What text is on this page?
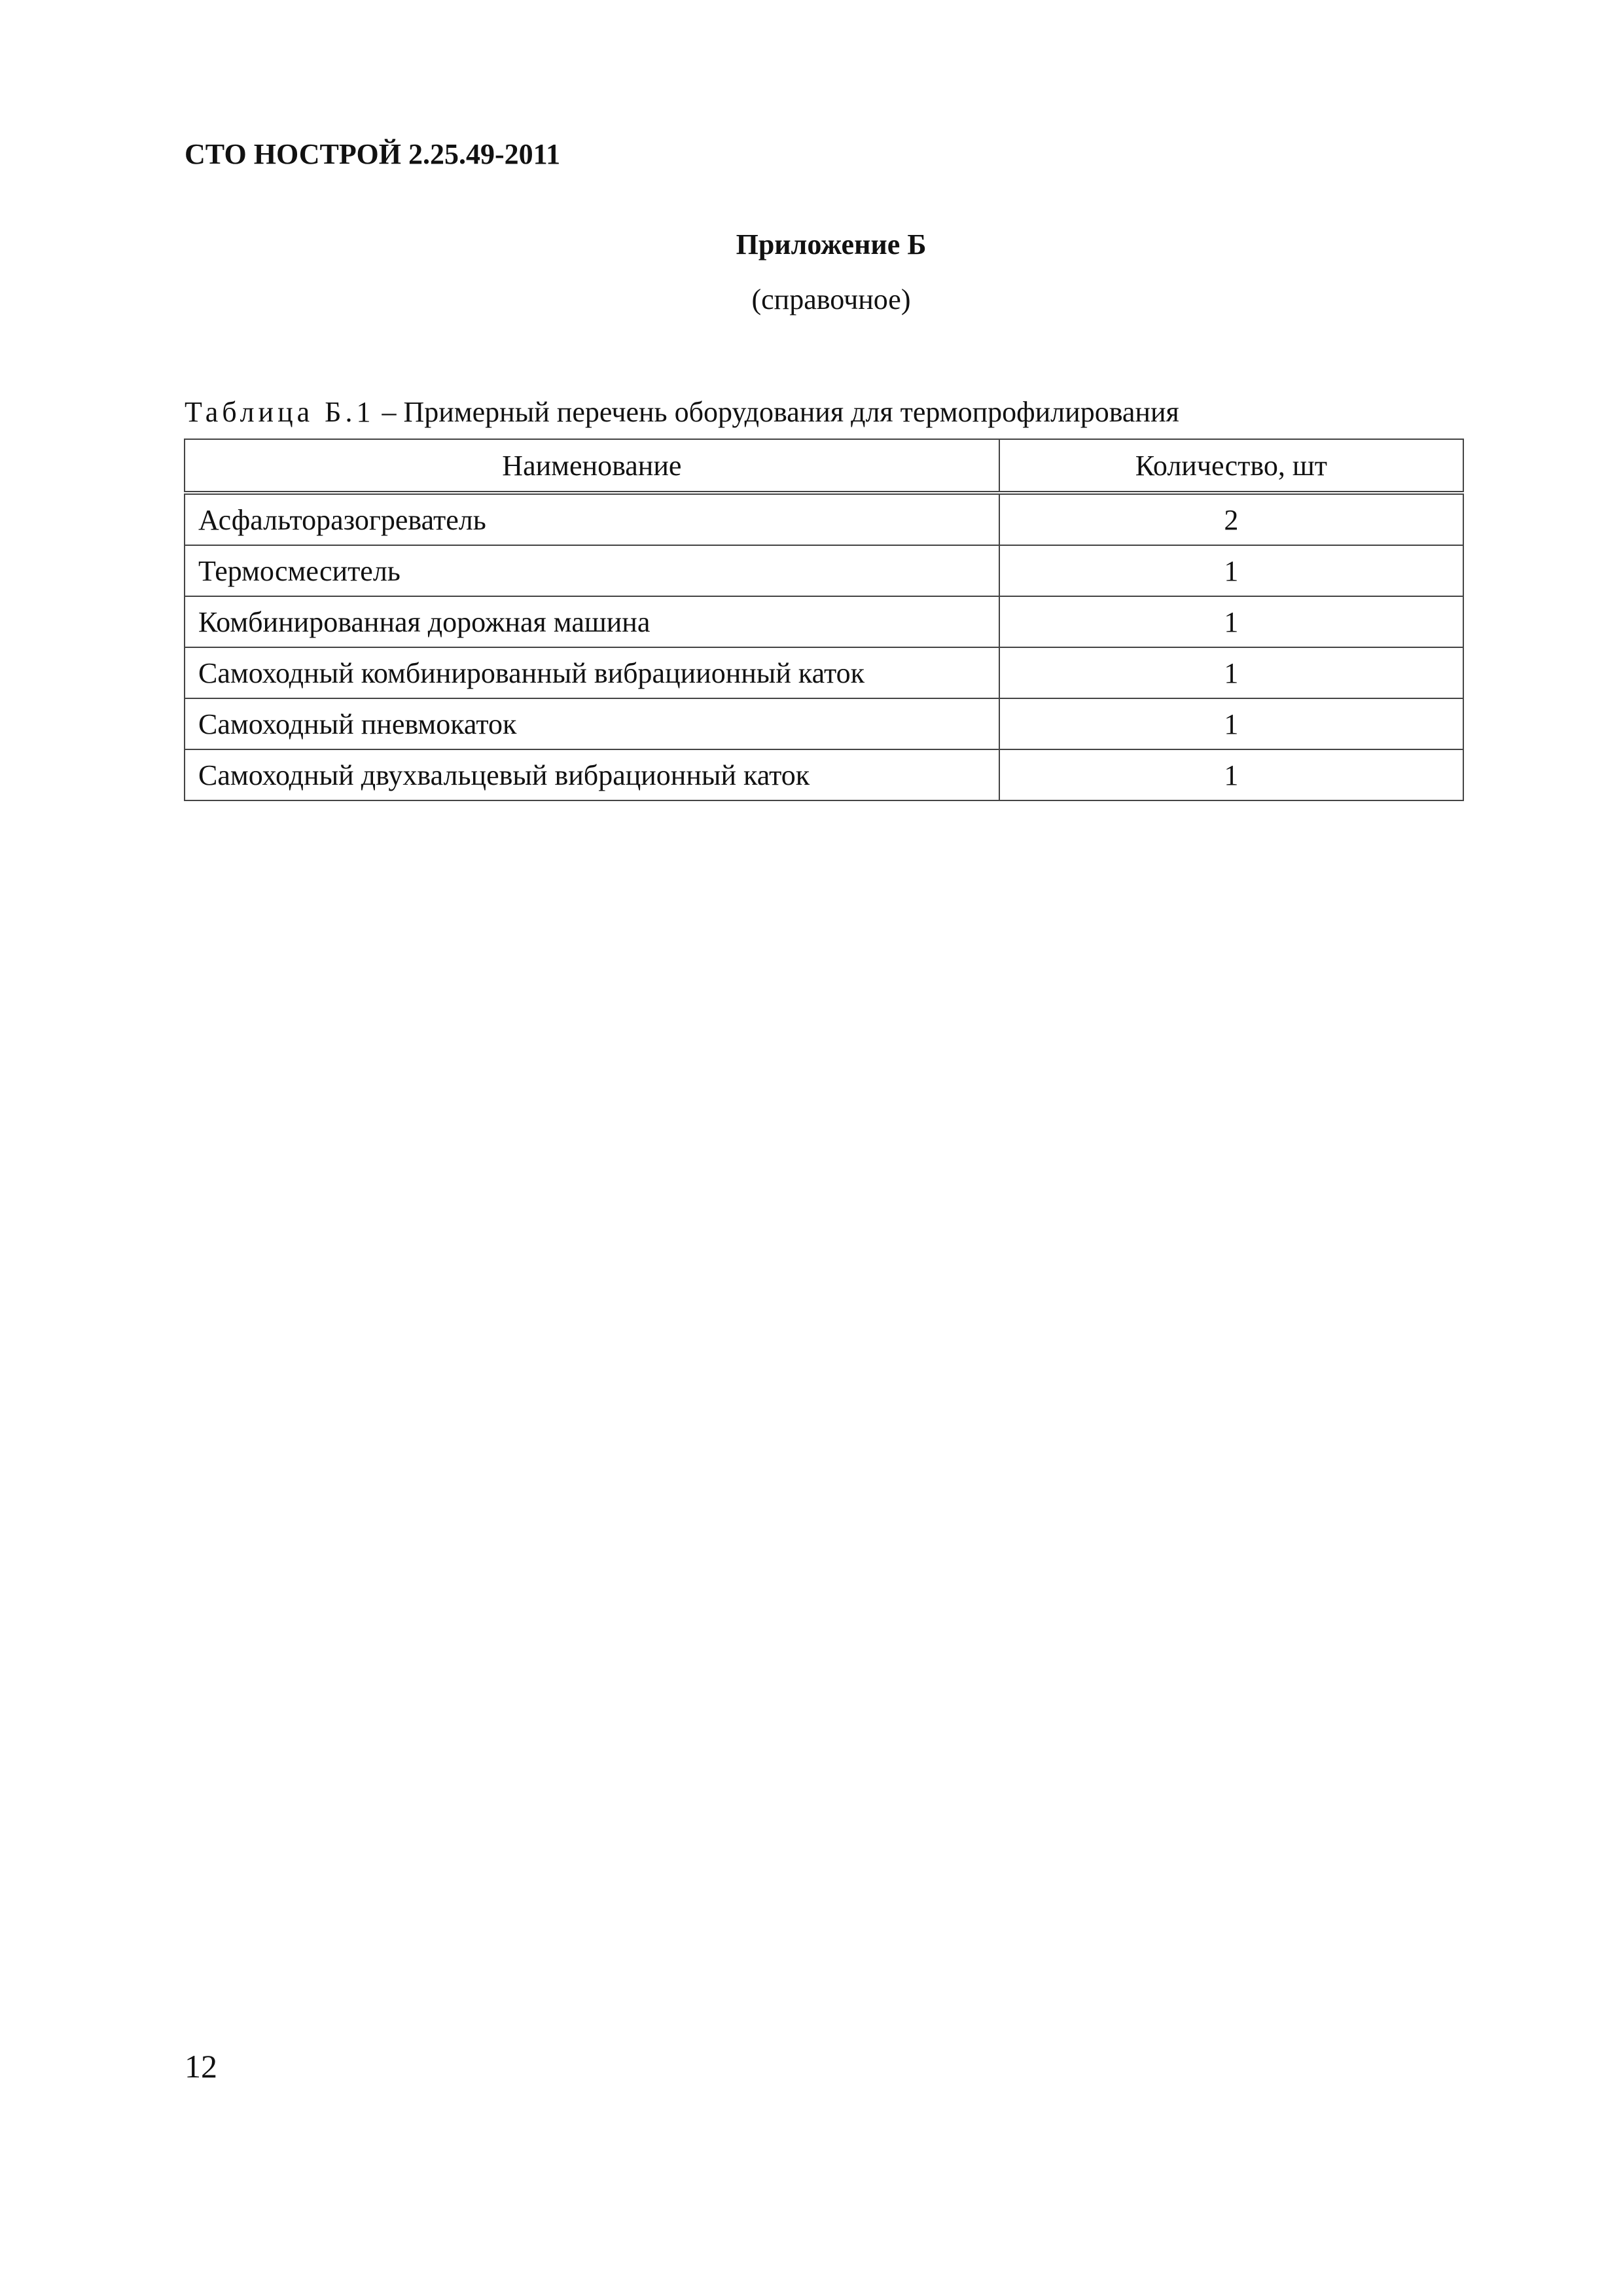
СТО НОСТРОЙ 2.25.49-2011
Приложение Б
(справочное)
Таблица Б.1 – Примерный перечень оборудования для термопрофилирования
Наименование	Количество, шт
Асфальторазогреватель	2
Термосмеситель	1
Комбинированная дорожная машина	1
Самоходный комбинированный вибрациионный каток	1
Самоходный пневмокаток	1
Самоходный двухвальцевый вибрационный каток	1
12
